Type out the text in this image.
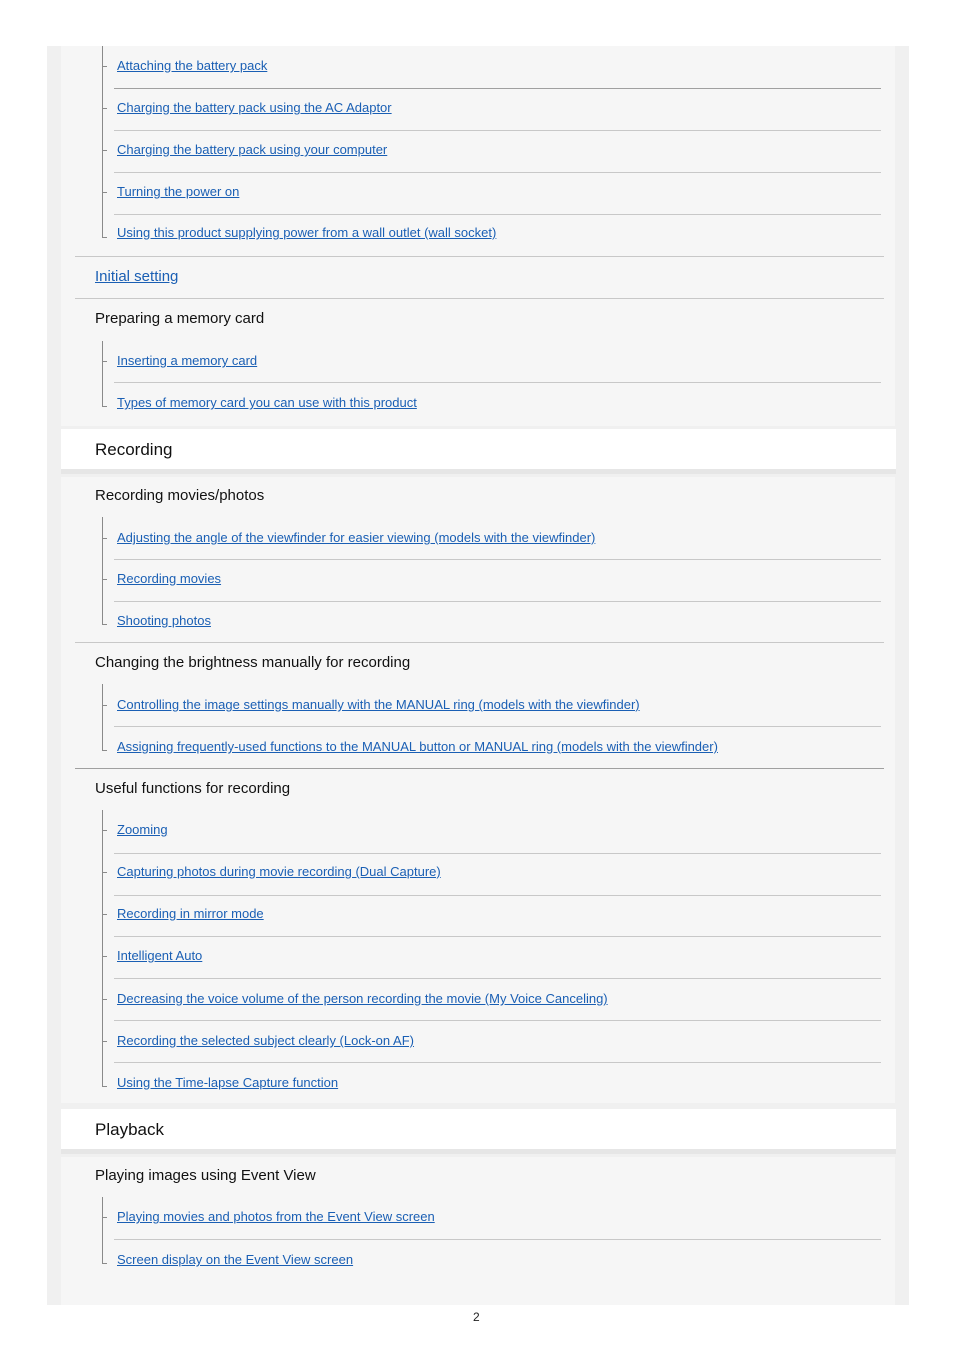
Attaching the battery pack
Charging the battery pack using the AC Adaptor
Charging the battery pack using your computer
Turning the power on
Using this product supplying power from a wall outlet (wall socket)
Initial setting
Preparing a memory card
Inserting a memory card
Types of memory card you can use with this product
Recording
Recording movies/photos
Adjusting the angle of the viewfinder for easier viewing (models with the viewfinder)
Recording movies
Shooting photos
Changing the brightness manually for recording
Controlling the image settings manually with the MANUAL ring (models with the viewfinder)
Assigning frequently-used functions to the MANUAL button or MANUAL ring (models with the viewfinder)
Useful functions for recording
Zooming
Capturing photos during movie recording (Dual Capture)
Recording in mirror mode
Intelligent Auto
Decreasing the voice volume of the person recording the movie (My Voice Canceling)
Recording the selected subject clearly (Lock-on AF)
Using the Time-lapse Capture function
Playback
Playing images using Event View
Playing movies and photos from the Event View screen
Screen display on the Event View screen
2
